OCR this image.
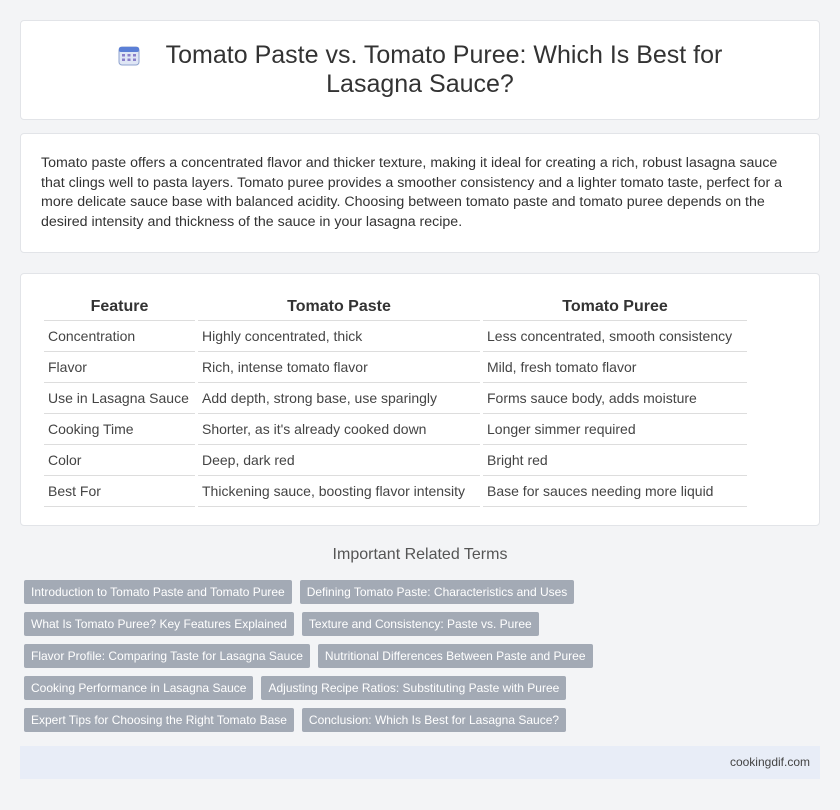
Tomato Paste vs. Tomato Puree: Which Is Best for Lasagna Sauce?

Tomato paste offers a concentrated flavor and thicker texture, making it ideal for creating a rich, robust lasagna sauce that clings well to pasta layers. Tomato puree provides a smoother consistency and a lighter tomato taste, perfect for a more delicate sauce base with balanced acidity. Choosing between tomato paste and tomato puree depends on the desired intensity and thickness of the sauce in your lasagna recipe.

Feature	Tomato Paste	Tomato Puree
Concentration	Highly concentrated, thick	Less concentrated, smooth consistency
Flavor	Rich, intense tomato flavor	Mild, fresh tomato flavor
Use in Lasagna Sauce	Add depth, strong base, use sparingly	Forms sauce body, adds moisture
Cooking Time	Shorter, as it's already cooked down	Longer simmer required
Color	Deep, dark red	Bright red
Best For	Thickening sauce, boosting flavor intensity	Base for sauces needing more liquid
Important Related Terms
Introduction to Tomato Paste and Tomato Puree	Defining Tomato Paste: Characteristics and Uses
What Is Tomato Puree? Key Features Explained	Texture and Consistency: Paste vs. Puree
Flavor Profile: Comparing Taste for Lasagna Sauce	Nutritional Differences Between Paste and Puree
Cooking Performance in Lasagna Sauce	Adjusting Recipe Ratios: Substituting Paste with Puree
Expert Tips for Choosing the Right Tomato Base	Conclusion: Which Is Best for Lasagna Sauce?
cookingdif.com
